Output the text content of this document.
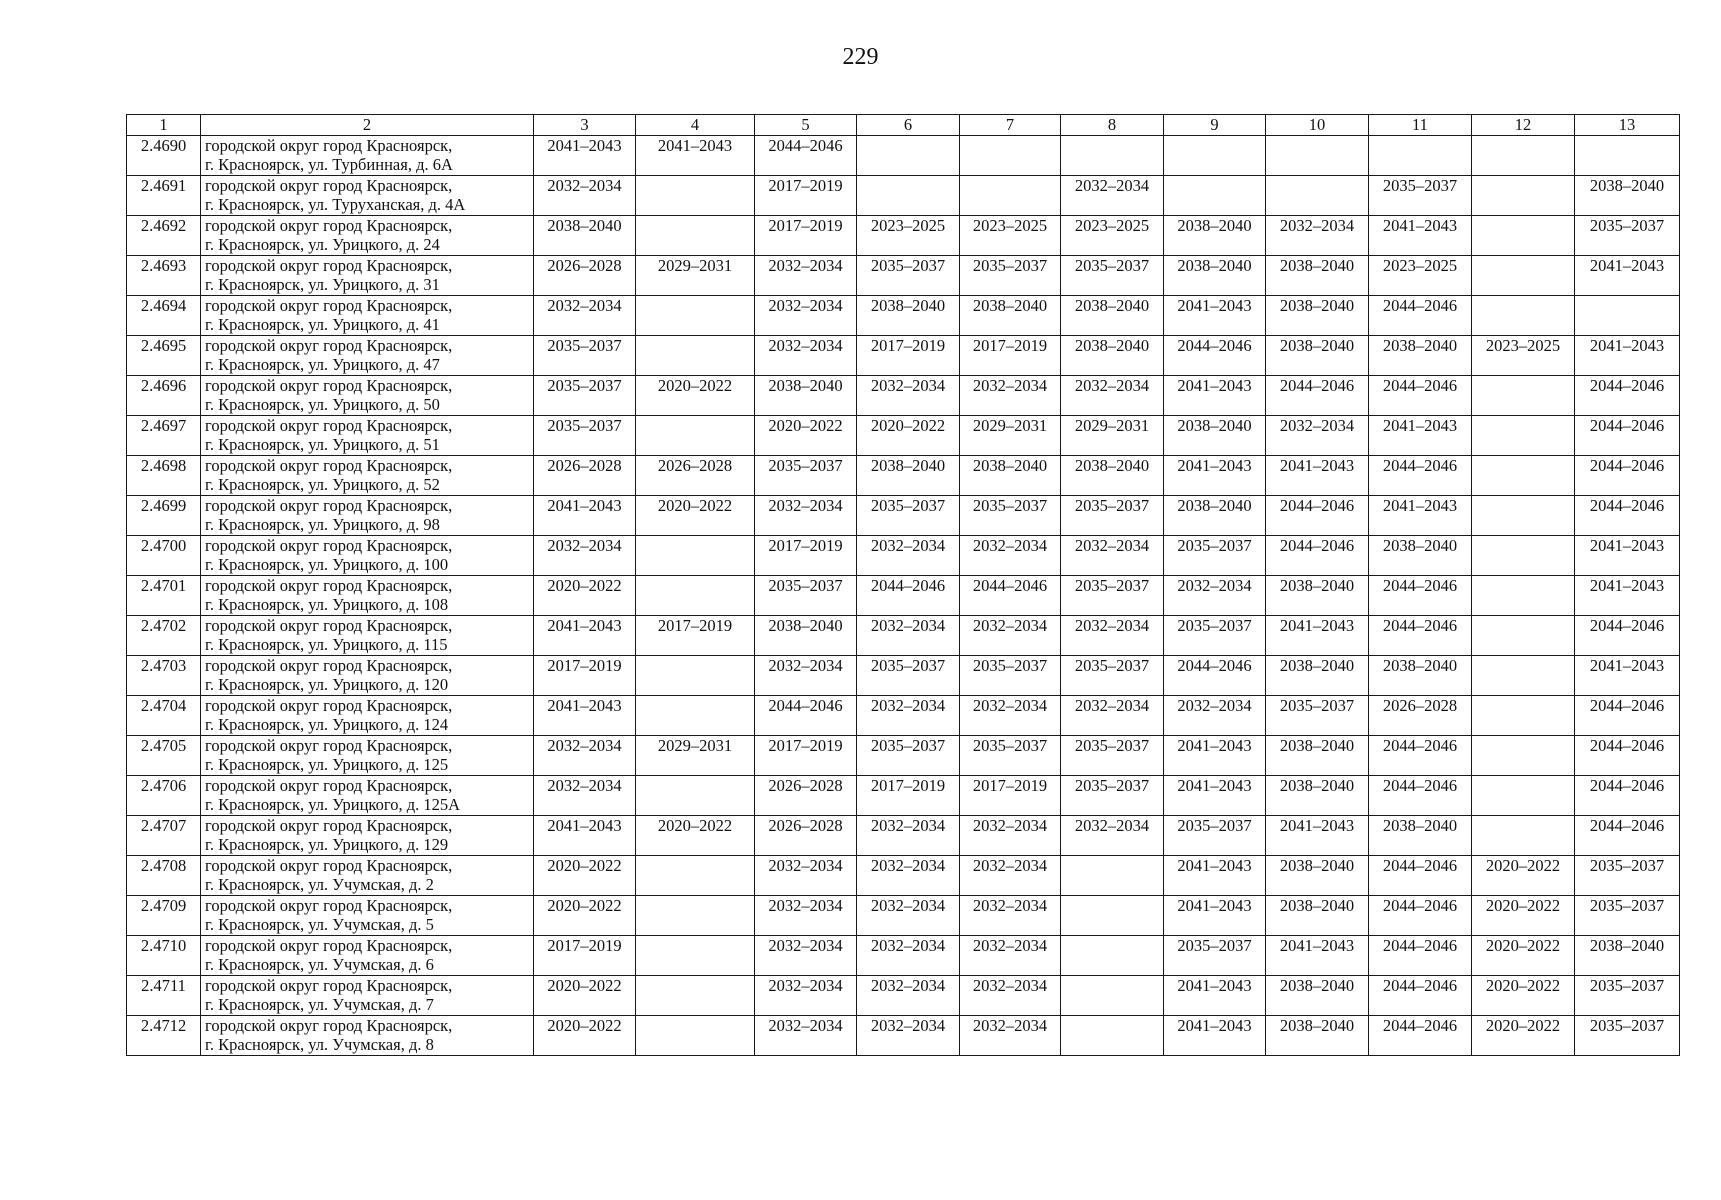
229
1	2	3	4	5	6	7	8	9	10	11	12	13
2.4690	городской округ город Красноярск,
г. Красноярск, ул. Турбинная, д. 6А	2041–2043	2041–2043	2044–2046								
2.4691	городской округ город Красноярск,
г. Красноярск, ул. Туруханская, д. 4А	2032–2034		2017–2019			2032–2034			2035–2037		2038–2040
2.4692	городской округ город Красноярск,
г. Красноярск, ул. Урицкого, д. 24	2038–2040		2017–2019	2023–2025	2023–2025	2023–2025	2038–2040	2032–2034	2041–2043		2035–2037
2.4693	городской округ город Красноярск,
г. Красноярск, ул. Урицкого, д. 31	2026–2028	2029–2031	2032–2034	2035–2037	2035–2037	2035–2037	2038–2040	2038–2040	2023–2025		2041–2043
2.4694	городской округ город Красноярск,
г. Красноярск, ул. Урицкого, д. 41	2032–2034		2032–2034	2038–2040	2038–2040	2038–2040	2041–2043	2038–2040	2044–2046		
2.4695	городской округ город Красноярск,
г. Красноярск, ул. Урицкого, д. 47	2035–2037		2032–2034	2017–2019	2017–2019	2038–2040	2044–2046	2038–2040	2038–2040	2023–2025	2041–2043
2.4696	городской округ город Красноярск,
г. Красноярск, ул. Урицкого, д. 50	2035–2037	2020–2022	2038–2040	2032–2034	2032–2034	2032–2034	2041–2043	2044–2046	2044–2046		2044–2046
2.4697	городской округ город Красноярск,
г. Красноярск, ул. Урицкого, д. 51	2035–2037		2020–2022	2020–2022	2029–2031	2029–2031	2038–2040	2032–2034	2041–2043		2044–2046
2.4698	городской округ город Красноярск,
г. Красноярск, ул. Урицкого, д. 52	2026–2028	2026–2028	2035–2037	2038–2040	2038–2040	2038–2040	2041–2043	2041–2043	2044–2046		2044–2046
2.4699	городской округ город Красноярск,
г. Красноярск, ул. Урицкого, д. 98	2041–2043	2020–2022	2032–2034	2035–2037	2035–2037	2035–2037	2038–2040	2044–2046	2041–2043		2044–2046
2.4700	городской округ город Красноярск,
г. Красноярск, ул. Урицкого, д. 100	2032–2034		2017–2019	2032–2034	2032–2034	2032–2034	2035–2037	2044–2046	2038–2040		2041–2043
2.4701	городской округ город Красноярск,
г. Красноярск, ул. Урицкого, д. 108	2020–2022		2035–2037	2044–2046	2044–2046	2035–2037	2032–2034	2038–2040	2044–2046		2041–2043
2.4702	городской округ город Красноярск,
г. Красноярск, ул. Урицкого, д. 115	2041–2043	2017–2019	2038–2040	2032–2034	2032–2034	2032–2034	2035–2037	2041–2043	2044–2046		2044–2046
2.4703	городской округ город Красноярск,
г. Красноярск, ул. Урицкого, д. 120	2017–2019		2032–2034	2035–2037	2035–2037	2035–2037	2044–2046	2038–2040	2038–2040		2041–2043
2.4704	городской округ город Красноярск,
г. Красноярск, ул. Урицкого, д. 124	2041–2043		2044–2046	2032–2034	2032–2034	2032–2034	2032–2034	2035–2037	2026–2028		2044–2046
2.4705	городской округ город Красноярск,
г. Красноярск, ул. Урицкого, д. 125	2032–2034	2029–2031	2017–2019	2035–2037	2035–2037	2035–2037	2041–2043	2038–2040	2044–2046		2044–2046
2.4706	городской округ город Красноярск,
г. Красноярск, ул. Урицкого, д. 125А	2032–2034		2026–2028	2017–2019	2017–2019	2035–2037	2041–2043	2038–2040	2044–2046		2044–2046
2.4707	городской округ город Красноярск,
г. Красноярск, ул. Урицкого, д. 129	2041–2043	2020–2022	2026–2028	2032–2034	2032–2034	2032–2034	2035–2037	2041–2043	2038–2040		2044–2046
2.4708	городской округ город Красноярск,
г. Красноярск, ул. Учумская, д. 2	2020–2022		2032–2034	2032–2034	2032–2034		2041–2043	2038–2040	2044–2046	2020–2022	2035–2037
2.4709	городской округ город Красноярск,
г. Красноярск, ул. Учумская, д. 5	2020–2022		2032–2034	2032–2034	2032–2034		2041–2043	2038–2040	2044–2046	2020–2022	2035–2037
2.4710	городской округ город Красноярск,
г. Красноярск, ул. Учумская, д. 6	2017–2019		2032–2034	2032–2034	2032–2034		2035–2037	2041–2043	2044–2046	2020–2022	2038–2040
2.4711	городской округ город Красноярск,
г. Красноярск, ул. Учумская, д. 7	2020–2022		2032–2034	2032–2034	2032–2034		2041–2043	2038–2040	2044–2046	2020–2022	2035–2037
2.4712	городской округ город Красноярск,
г. Красноярск, ул. Учумская, д. 8	2020–2022		2032–2034	2032–2034	2032–2034		2041–2043	2038–2040	2044–2046	2020–2022	2035–2037
